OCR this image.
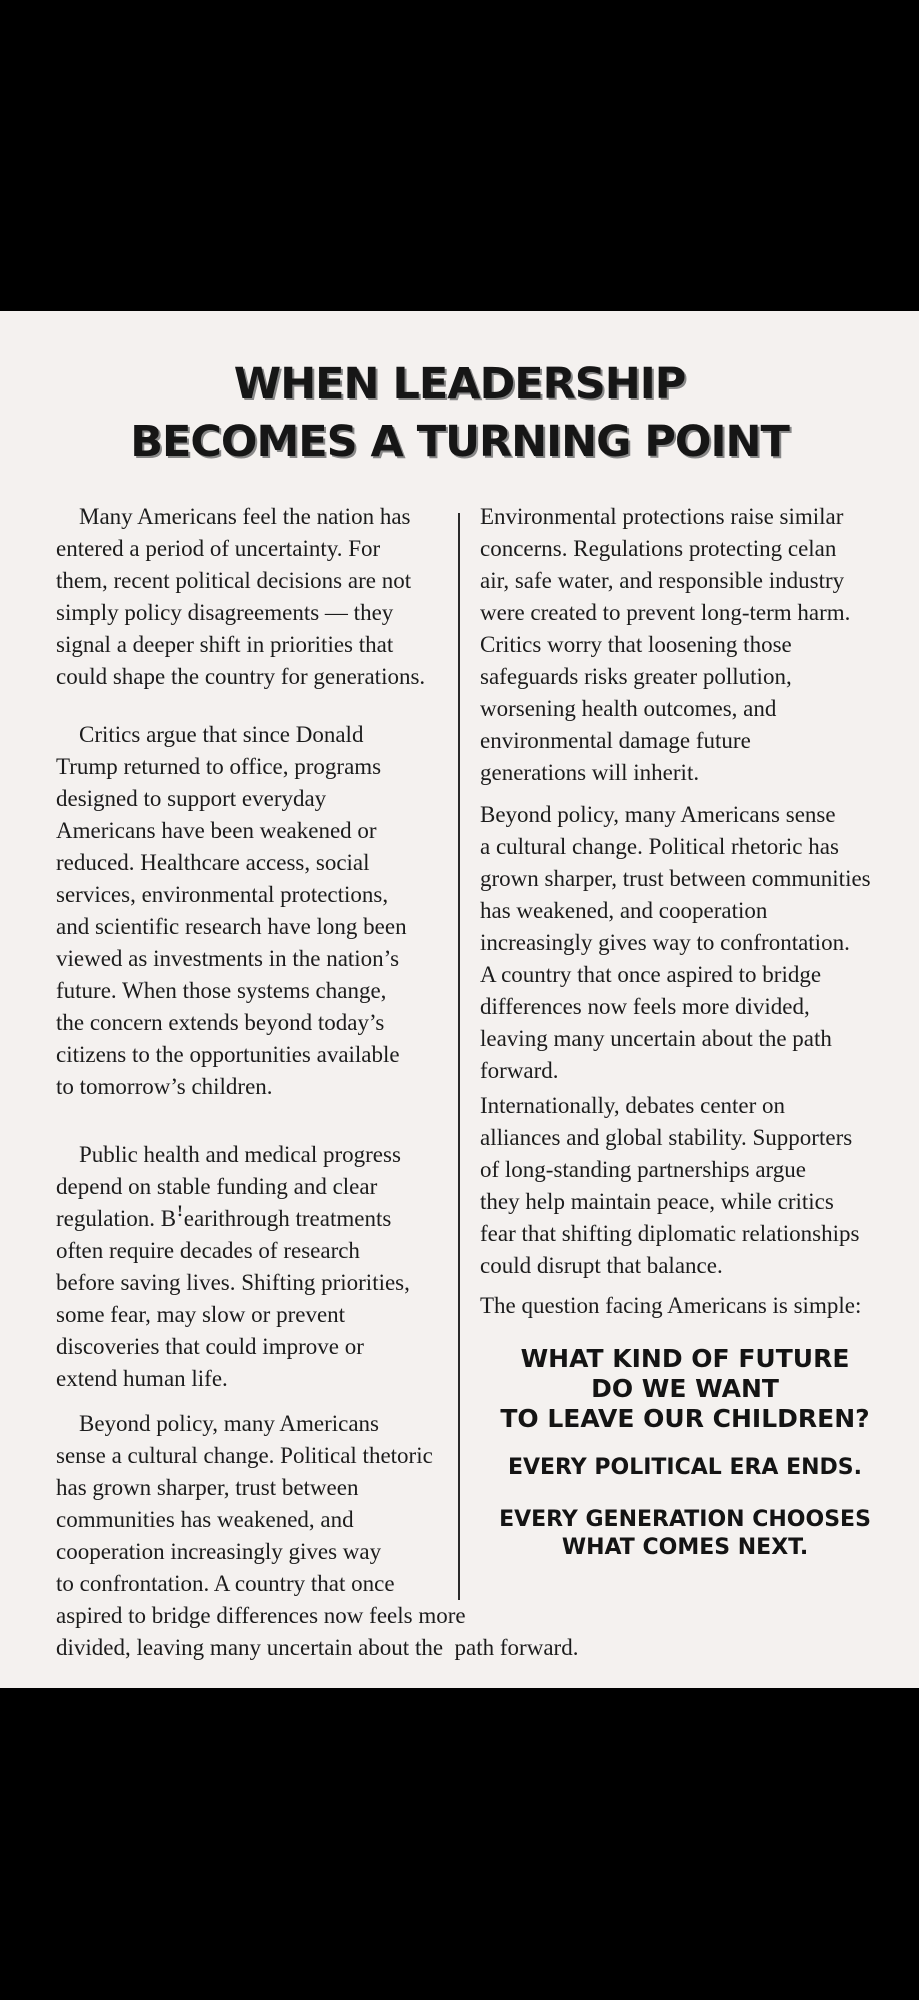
WHEN LEADERSHIP
BECOMES A TURNING POINT

Many Americans feel the nation has
entered a period of uncertainty. For
them, recent political decisions are not
simply policy disagreements — they
signal a deeper shift in priorities that
could shape the country for generations.

Critics argue that since Donald
Trump returned to office, programs
designed to support everyday
Americans have been weakened or
reduced. Healthcare access, social
services, environmental protections,
and scientific research have long been
viewed as investments in the nation’s
future. When those systems change,
the concern extends beyond today’s
citizens to the opportunities available
to tomorrow’s children.

Public health and medical progress
depend on stable funding and clear
regulation. Bꜝearithrough treatments
often require decades of research
before saving lives. Shifting priorities,
some fear, may slow or prevent
discoveries that could improve or
extend human life.

Beyond policy, many Americans
sense a cultural change. Political thetoric
has grown sharper, trust between
communities has weakened, and
cooperation increasingly gives way
to confrontation. A country that once
aspired to bridge differences now feels more
divided, leaving many uncertain about the  path forward.

Environmental protections raise similar
concerns. Regulations protecting celan
air, safe water, and responsible industry
were created to prevent long-term harm.
Critics worry that loosening those
safeguards risks greater pollution,
worsening health outcomes, and
environmental damage future
generations will inherit.

Beyond policy, many Americans sense
a cultural change. Political rhetoric has
grown sharper, trust between communities
has weakened, and cooperation
increasingly gives way to confrontation.
A country that once aspired to bridge
differences now feels more divided,
leaving many uncertain about the path
forward.

Internationally, debates center on
alliances and global stability. Supporters
of long-standing partnerships argue
they help maintain peace, while critics
fear that shifting diplomatic relationships
could disrupt that balance.

The question facing Americans is simple:

WHAT KIND OF FUTURE
DO WE WANT
TO LEAVE OUR CHILDREN?

EVERY POLITICAL ERA ENDS.

EVERY GENERATION CHOOSES
WHAT COMES NEXT.
